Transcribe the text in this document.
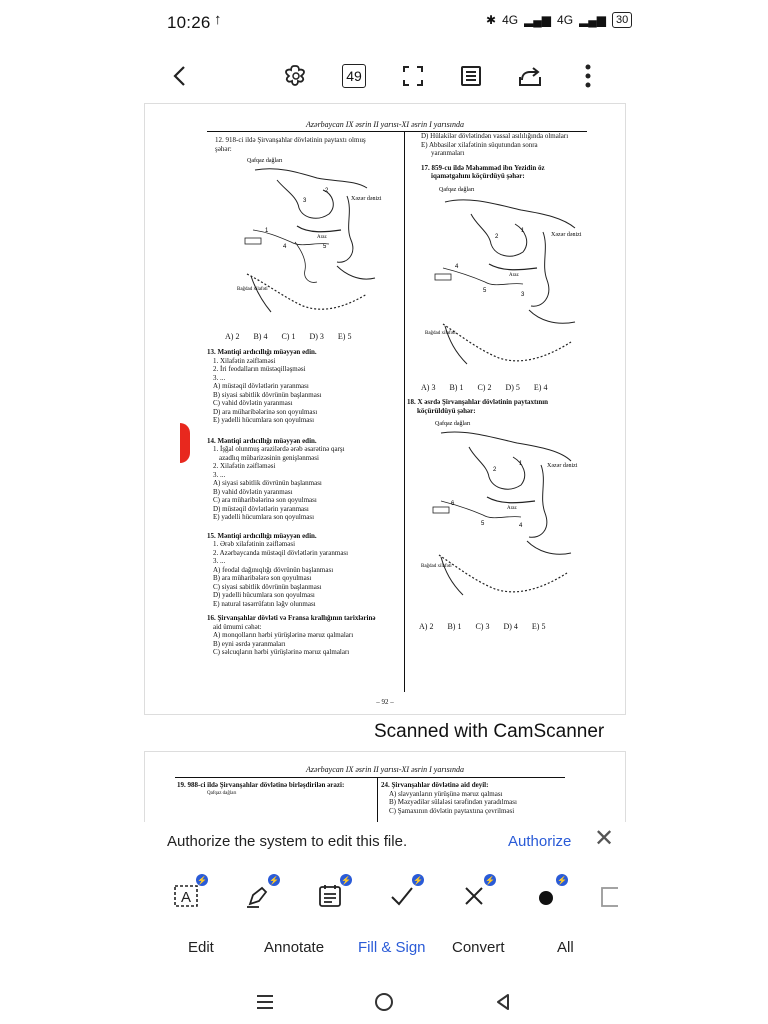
10:26 ↑	✱ 4G ▂▄▆ 4G ▂▄▆ 30
49
Azərbaycan IX əsrin II yarısı-XI əsrin I yarısında
12. 918-ci ildə Şirvanşahlar dövlətinin paytaxtı olmuş
şəhər:
Qafqaz dağları
Xəzər dənizi
Araz
Bağdad xilafəti
2
3
4	5
1
A) 2 B) 4 C) 1 D) 3 E) 5
13. Məntiqi ardıcıllığı müəyyən edin.
1. Xilafətin zəifləməsi
2. İri feodalların müstəqilləşməsi
3. ...
A) müstəqil dövlətlərin yaranması
B) siyasi sabitlik dövrünün başlanması
C) vahid dövlətin yaranması
D) ara müharibələrinə son qoyulması
E) yadelli hücumlara son qoyulması
14. Məntiqi ardıcıllığı müəyyən edin.
1. İşğal olunmuş ərazilərdə ərəb əsarətinə qarşı
azadlıq mübarizəsinin genişlənməsi
2. Xilafətin zəifləməsi
3. ...
A) siyasi sabitlik dövrünün başlanması
B) vahid dövlətin yaranması
C) ara müharibələrinə son qoyulması
D) müstəqil dövlətlərin yaranması
E) yadelli hücumlara son qoyulması
15. Məntiqi ardıcıllığı müəyyən edin.
1. Ərəb xilafətinin zəifləməsi
2. Azərbaycanda müstəqil dövlətlərin yaranması
3. ...
A) feodal dağınıqlığı dövrünün başlanması
B) ara müharibələrə son qoyulması
C) siyasi sabitlik dövrünün başlanması
D) yadelli hücumlara son qoyulması
E) natural təsərrüfatın ləğv olunması
16. Şirvanşahlar dövləti və Fransa krallığının tarixlərinə
aid ümumi cəhət:
A) monqolların hərbi yürüşlərinə məruz qalmaları
B) eyni əsrdə yaranmaları
C) səlcuqların hərbi yürüşlərinə məruz qalmaları
D) Hülakilər dövlətindən vassal asılılığında olmaları
E) Abbasilər xilafətinin süqutundan sonra
yaranmaları
17. 859-cu ildə Məhəmməd ibn Yezidin öz
iqamətgahını köçürdüyü şəhər:
Qafqaz dağları
Xəzər dənizi
Araz
Bağdad xilafəti
1
2
3
5
4
A) 3 B) 1 C) 2 D) 5 E) 4
18. X əsrdə Şirvanşahlar dövlətinin paytaxtının
köçürüldüyü şəhər:
Qafqaz dağları
Xəzər dənizi
Araz
Bağdad xilafəti
1
2
4
5
6
A) 2 B) 1 C) 3 D) 4 E) 5
– 92 –
Scanned with CamScanner
Azərbaycan IX əsrin II yarısı-XI əsrin I yarısında
19. 988-ci ildə Şirvanşahlar dövlətinə birləşdirilən ərazi:
Qafqaz dağları
24. Şirvanşahlar dövlətinə aid deyil:
A) slavyanların yürüşünə məruz qalması
B) Məzyədilər sülaləsi tərəfindən yaradılması
C) Şamaxının dövlətin paytaxtına çevrilməsi
Authorize the system to edit this file.	Authorize ✕
A
⚡	⚡	⚡	⚡	⚡	⚡
Edit	Annotate Fill & Sign Convert	All
